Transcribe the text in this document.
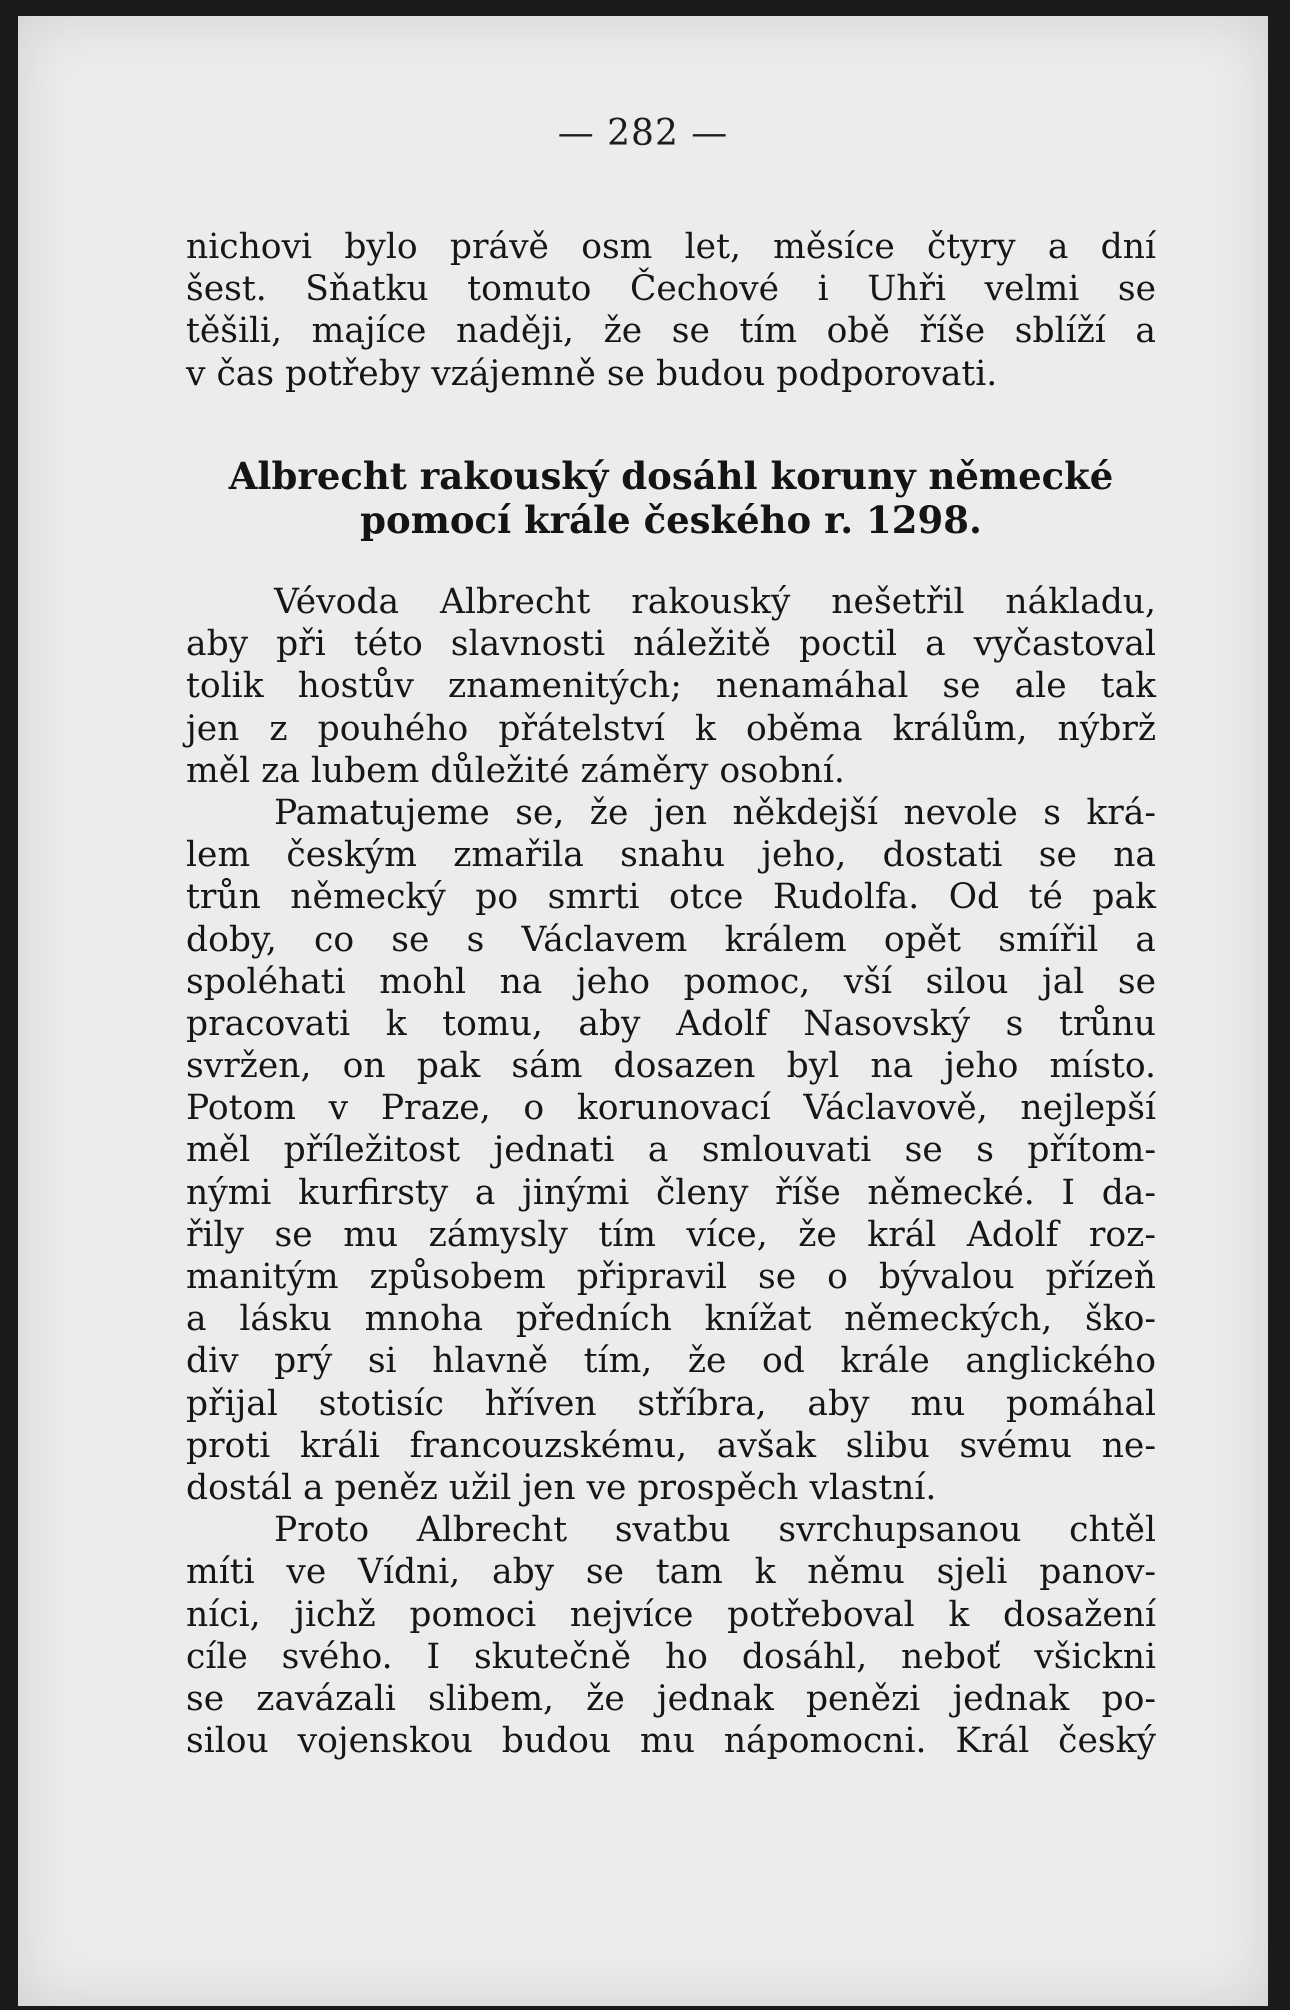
— 282 —
nichovi bylo právě osm let, měsíce čtyry a dní
šest. Sňatku tomuto Čechové i Uhři velmi se
těšili, majíce naději, že se tím obě říše sblíží a
v čas potřeby vzájemně se budou podporovati.
Albrecht rakouský dosáhl koruny německé
pomocí krále českého r. 1298.
Vévoda Albrecht rakouský nešetřil nákladu,
aby při této slavnosti náležitě poctil a vyčastoval
tolik hostův znamenitých; nenamáhal se ale tak
jen z pouhého přátelství k oběma králům, nýbrž
měl za lubem důležité záměry osobní.
Pamatujeme se, že jen někdejší nevole s krá-
lem českým zmařila snahu jeho, dostati se na
trůn německý po smrti otce Rudolfa. Od té pak
doby, co se s Václavem králem opět smířil a
spoléhati mohl na jeho pomoc, vší silou jal se
pracovati k tomu, aby Adolf Nasovský s trůnu
svržen, on pak sám dosazen byl na jeho místo.
Potom v Praze, o korunovací Václavově, nejlepší
měl příležitost jednati a smlouvati se s přítom-
nými kurfirsty a jinými členy říše německé. I da-
řily se mu zámysly tím více, že král Adolf roz-
manitým způsobem připravil se o bývalou přízeň
a lásku mnoha předních knížat německých, ško-
div prý si hlavně tím, že od krále anglického
přijal stotisíc hříven stříbra, aby mu pomáhal
proti králi francouzskému, avšak slibu svému ne-
dostál a peněz užil jen ve prospěch vlastní.
Proto Albrecht svatbu svrchupsanou chtěl
míti ve Vídni, aby se tam k němu sjeli panov-
níci, jichž pomoci nejvíce potřeboval k dosažení
cíle svého. I skutečně ho dosáhl, neboť všickni
se zavázali slibem, že jednak penězi jednak po-
silou vojenskou budou mu nápomocni. Král český
